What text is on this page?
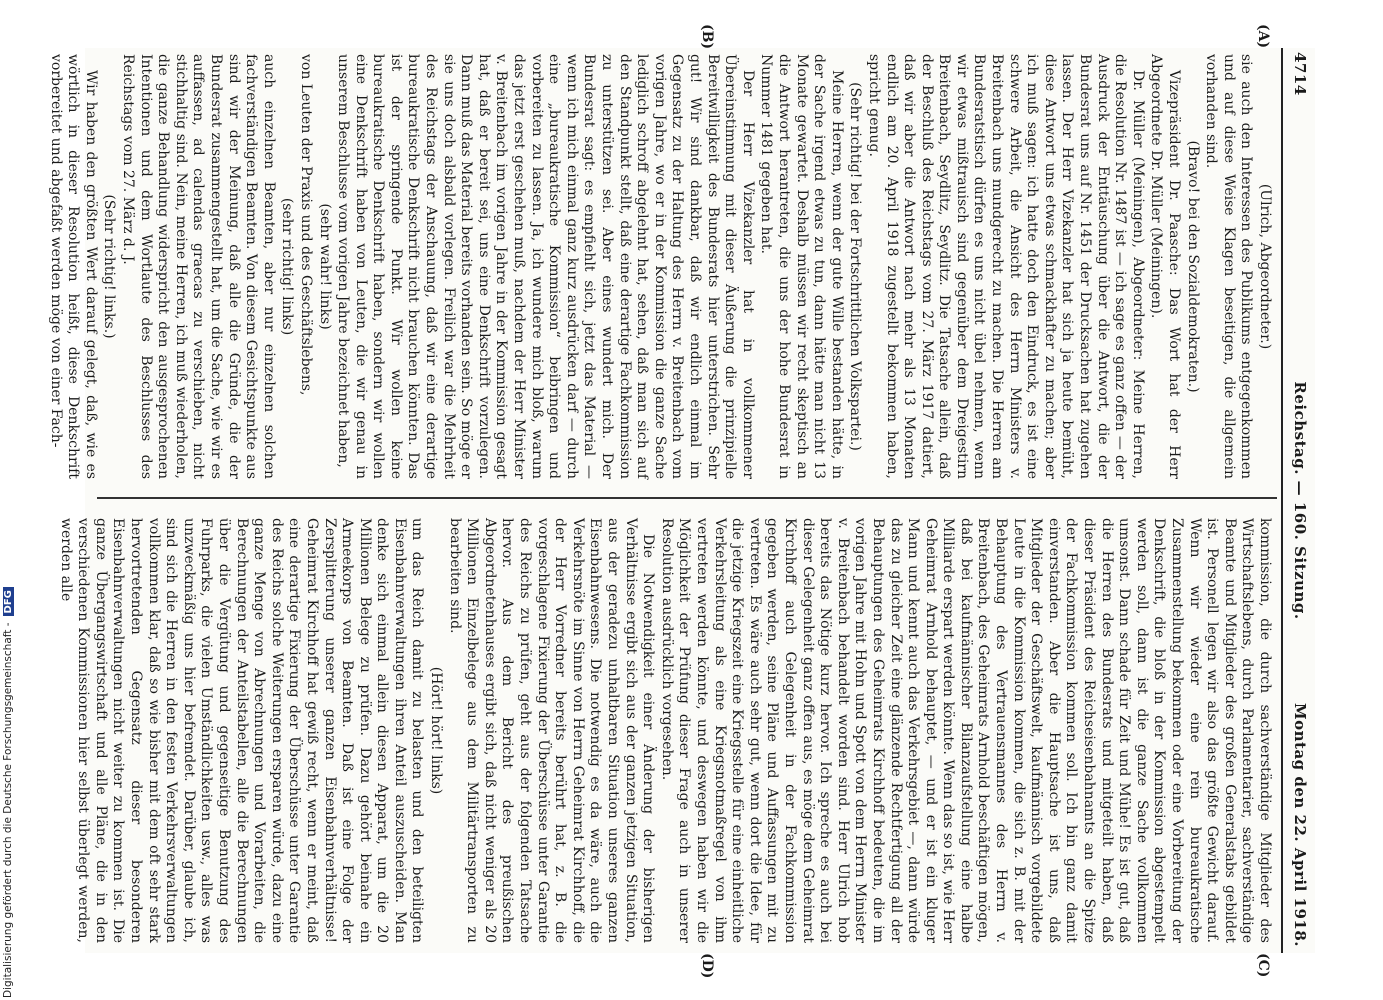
4714
Reichstag. — 160. Sitzung.
Montag den 22. April 1918.
(A)
(B)
(C)
(D)

(Ulrich, Abgeordneter.)

sie auch den Interessen des Publikums entgegenkommen und auf diese Weise Klagen beseitigen, die allgemein vorhanden sind.

(Bravo! bei den Sozialdemokraten.)

Vizepräsident Dr. Paasche: Das Wort hat der Herr Abgeordnete Dr. Müller (Meiningen).

Dr. Müller (Meiningen), Abgeordneter: Meine Herren, die Resolution Nr. 1487 ist — ich sage es ganz offen — der Ausdruck der Enttäuschung über die Antwort, die der Bundesrat uns auf Nr. 1451 der Drucksachen hat zugehen lassen. Der Herr Vizekanzler hat sich ja heute bemüht, diese Antwort uns etwas schmackhafter zu machen; aber ich muß sagen: ich hatte doch den Eindruck, es ist eine schwere Arbeit, die Ansicht des Herrn Ministers v. Breitenbach uns mundgerecht zu machen. Die Herren am Bundesratstisch dürfen es uns nicht übel nehmen, wenn wir etwas mißtrauisch sind gegenüber dem Dreigestirn Breitenbach, Seydlitz, Seydlitz. Die Tatsache allein, daß der Beschluß des Reichstags vom 27. März 1917 datiert, daß wir aber die Antwort nach mehr als 13 Monaten endlich am 20. April 1918 zugestellt bekommen haben, spricht genug.

(Sehr richtig! bei der Fortschrittlichen Volkspartei.)

Meine Herren, wenn der gute Wille bestanden hätte, in der Sache irgend etwas zu tun, dann hätte man nicht 13 Monate gewartet. Deshalb müssen wir recht skeptisch an die Antwort herantreten, die uns der hohe Bundesrat in Nummer 1481 gegeben hat.

Der Herr Vizekanzler hat in vollkommener Übereinstimmung mit dieser Äußerung die prinzipielle Bereitwilligkeit des Bundesrats hier unterstrichen. Sehr gut! Wir sind dankbar, daß wir endlich einmal im Gegensatz zu der Haltung des Herrn v. Breitenbach vom vorigen Jahre, wo er in der Kommission die ganze Sache lediglich schroff abgelehnt hat, sehen, daß man sich auf den Standpunkt stellt, daß eine derartige Fachkommission zu unterstützen sei. Aber eines wundert mich. Der Bundesrat sagt: es empfiehlt sich, jetzt das Material — wenn ich mich einmal ganz kurz ausdrücken darf — durch eine „bureaukratische Kommission“ beibringen und vorbereiten zu lassen. Ja, ich wundere mich bloß, warum das jetzt erst geschehen muß, nachdem der Herr Minister v. Breitenbach im vorigen Jahre in der Kommission gesagt hat, daß er bereit sei, uns eine Denkschrift vorzulegen. Dann muß das Material bereits vorhanden sein. So möge er sie uns doch alsbald vorlegen. Freilich war die Mehrheit des Reichstags der Anschauung, daß wir eine derartige bureaukratische Denkschrift nicht brauchen könnten. Das ist der springende Punkt. Wir wollen keine bureaukratische Denkschrift haben, sondern wir wollen eine Denkschrift haben von Leuten, die wir genau in unserem Beschlusse vom vorigen Jahre bezeichnet haben,

(sehr wahr! links)

von Leuten der Praxis und des Geschäftslebens,

(sehr richtig! links)

auch einzelnen Beamten, aber nur einzelnen solchen fachverständigen Beamten. Von diesem Gesichtspunkte aus sind wir der Meinung, daß alle die Gründe, die der Bundesrat zusammengestellt hat, um die Sache, wie wir es auffassen, ad calendas graecas zu verschieben, nicht stichhaltig sind. Nein, meine Herren, ich muß wiederholen, die ganze Behandlung widerspricht den ausgesprochenen Intentionen und dem Wortlaute des Beschlusses des Reichstags vom 27. März d. J.

(Sehr richtig! links.)

Wir haben den größten Wert darauf gelegt, daß, wie es wörtlich in dieser Resolution heißt, diese Denkschrift vorbereitet und abgefaßt werden möge von einer Fach-

kommission, die durch sachverständige Mitglieder des Wirtschaftslebens, durch Parlamentarier, sachverständige Beamte und Mitglieder des großen Generalstabs gebildet ist. Personell legen wir also das größte Gewicht darauf. Wenn wir wieder eine rein bureaukratische Zusammenstellung bekommen oder eine Vorbereitung der Denkschrift, die bloß in der Kommission abgestempelt werden soll, dann ist die ganze Sache vollkommen umsonst. Dann schade für Zeit und Mühe! Es ist gut, daß die Herren des Bundesrats und mitgeteilt haben, daß dieser Präsident des Reichseisenbahnamts an die Spitze der Fachkommission kommen soll. Ich bin ganz damit einverstanden. Aber die Hauptsache ist uns, daß Mitglieder der Geschäftswelt, kaufmännisch vorgebildete Leute in die Kommission kommen, die sich z. B. mit der Behauptung des Vertrauensmannes des Herrn v. Breitenbach, des Geheimrats Arnhold beschäftigen mögen, daß bei kaufmännischer Bilanzaufstellung eine halbe Milliarde erspart werden könnte. Wenn das so ist, wie Herr Geheimrat Arnhold behauptet, — und er ist ein kluger Mann und kennt auch das Verkehrsgebiet —, dann würde das zu gleicher Zeit eine glänzende Rechtfertigung all der Behauptungen des Geheimrats Kirchhoff bedeuten, die im vorigen Jahre mit Hohn und Spott von dem Herrn Minister v. Breitenbach behandelt worden sind. Herr Ulrich hob bereits das Nötige kurz hervor. Ich spreche es auch bei dieser Gelegenheit ganz offen aus, es möge dem Geheimrat Kirchhoff auch Gelegenheit in der Fachkommission gegeben werden, seine Pläne und Auffassungen mit zu vertreten. Es wäre auch sehr gut, wenn dort die Idee, für die jetzige Kriegszeit eine Kriegsstelle für eine einheitliche Verkehrsleitung als eine Kriegsnotmaßregel von ihm vertreten werden könnte, und deswegen haben wir die Möglichkeit der Prüfung dieser Frage auch in unserer Resolution ausdrücklich vorgesehen.

Die Notwendigkeit einer Änderung der bisherigen Verhältnisse ergibt sich aus der ganzen jetzigen Situation, aus der geradezu unhaltbaren Situation unseres ganzen Eisenbahnwesens. Die notwendig es da wäre, auch die Verkehrsnöte im Sinne von Herrn Geheimrat Kirchhoff, die der Herr Vorredner bereits berührt hat, z. B. die vorgeschlagene Fixierung der Überschüsse unter Garantie des Reichs zu prüfen, geht aus der folgenden Tatsache hervor. Aus dem Bericht des preußischen Abgeordnetenhauses ergibt sich, daß nicht weniger als 20 Millionen Einzelbelege aus dem Militärtransporten zu bearbeiten sind.

(Hört! hört! links)

um das Reich damit zu belasten und den beteiligten Eisenbahnverwaltungen ihren Anteil auszuscheiden. Man denke sich einmal allein diesen Apparat, um die 20 Millionen Belege zu prüfen. Dazu gehört beinahe ein Armeekorps von Beamten. Daß ist eine Folge der Zersplitterung unserer ganzen Eisenbahnverhältnisse! Geheimrat Kirchhoff hat gewiß recht, wenn er meint, daß eine derartige Fixierung der Überschüsse unter Garantie des Reichs solche Weiterungen ersparen würde, dazu eine ganze Menge von Abrechnungen und Vorarbeiten, die Berechnungen der Anteilstabellen, alle die Berechnungen über die Vergütung und gegenseitige Benutzung des Fuhrparks, die vielen Umständlichkeiten usw., alles was unzweckmäßig uns hier befremdet. Darüber, glaube ich, sind sich die Herren in den festen Verkehrsverwaltungen vollkommen klar, daß so wie bisher mit dem oft sehr stark hervortretenden Gegensatz dieser besonderen Eisenbahnverwaltungen nicht weiter zu kommen ist. Die ganze Übergangswirtschaft und alle Pläne, die in den verschiedenen Kommissionen hier selbst überlegt werden, werden alle

Digitalisierung gefördert durch die Deutsche Forschungsgemeinschaft -DFG
